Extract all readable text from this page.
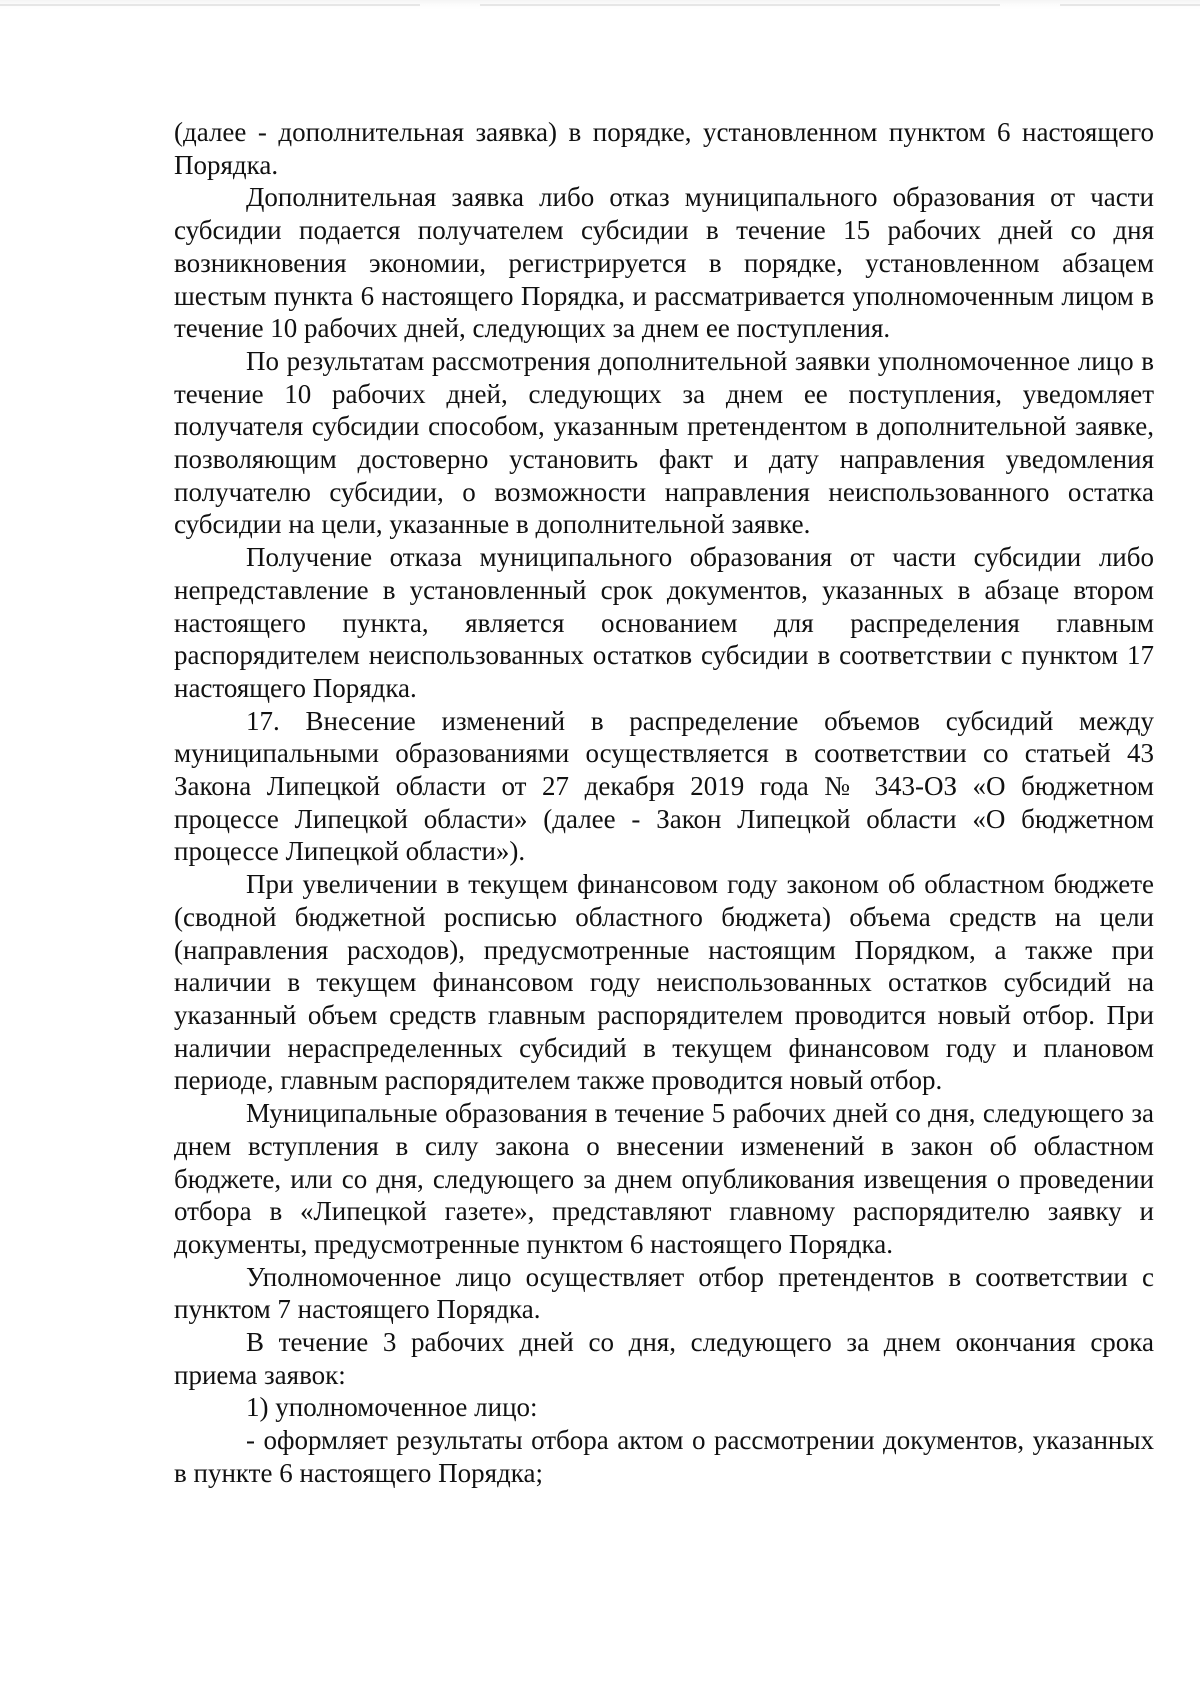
(далее - дополнительная заявка) в порядке, установленном пунктом 6 настоящего Порядка.

Дополнительная заявка либо отказ муниципального образования от части субсидии подается получателем субсидии в течение 15 рабочих дней со дня возникновения экономии, регистрируется в порядке, установленном абзацем шестым пункта 6 настоящего Порядка, и рассматривается уполномоченным лицом в течение 10 рабочих дней, следующих за днем ее поступления.

По результатам рассмотрения дополнительной заявки уполномоченное лицо в течение 10 рабочих дней, следующих за днем ее поступления, уведомляет получателя субсидии способом, указанным претендентом в дополнительной заявке, позволяющим достоверно установить факт и дату направления уведомления получателю субсидии, о возможности направления неиспользованного остатка субсидии на цели, указанные в дополнительной заявке.

Получение отказа муниципального образования от части субсидии либо непредставление в установленный срок документов, указанных в абзаце втором настоящего пункта, является основанием для распределения главным распорядителем неиспользованных остатков субсидии в соответствии с пунктом 17 настоящего Порядка.

17. Внесение изменений в распределение объемов субсидий между муниципальными образованиями осуществляется в соответствии со статьей 43 Закона Липецкой области от 27 декабря 2019 года № 343-ОЗ «О бюджетном процессе Липецкой области» (далее - Закон Липецкой области «О бюджетном процессе Липецкой области»).

При увеличении в текущем финансовом году законом об областном бюджете (сводной бюджетной росписью областного бюджета) объема средств на цели (направления расходов), предусмотренные настоящим Порядком, а также при наличии в текущем финансовом году неиспользованных остатков субсидий на указанный объем средств главным распорядителем проводится новый отбор. При наличии нераспределенных субсидий в текущем финансовом году и плановом периоде, главным распорядителем также проводится новый отбор.

Муниципальные образования в течение 5 рабочих дней со дня, следующего за днем вступления в силу закона о внесении изменений в закон об областном бюджете, или со дня, следующего за днем опубликования извещения о проведении отбора в «Липецкой газете», представляют главному распорядителю заявку и документы, предусмотренные пунктом 6 настоящего Порядка.

Уполномоченное лицо осуществляет отбор претендентов в соответствии с пунктом 7 настоящего Порядка.

В течение 3 рабочих дней со дня, следующего за днем окончания срока приема заявок:

1) уполномоченное лицо:

- оформляет результаты отбора актом о рассмотрении документов, указанных в пункте 6 настоящего Порядка;
